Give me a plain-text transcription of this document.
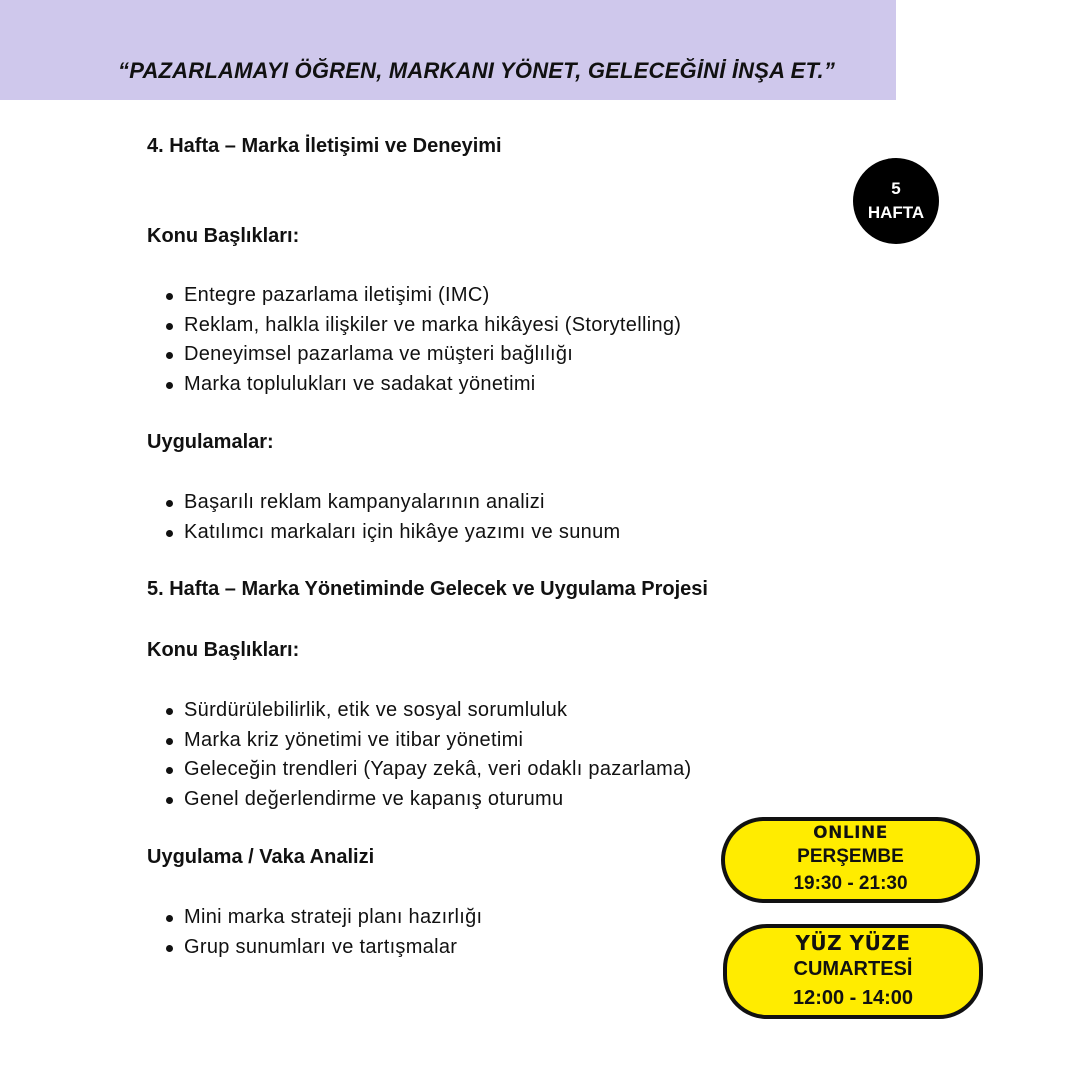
“PAZARLAMAYI ÖĞREN, MARKANI YÖNET, GELECEĞİNİ İNŞA ET.”
5
HAFTA
4. Hafta – Marka İletişimi ve Deneyimi
Konu Başlıkları:
Entegre pazarlama iletişimi (IMC)
Reklam, halkla ilişkiler ve marka hikâyesi (Storytelling)
Deneyimsel pazarlama ve müşteri bağlılığı
Marka toplulukları ve sadakat yönetimi
Uygulamalar:
Başarılı reklam kampanyalarının analizi
Katılımcı markaları için hikâye yazımı ve sunum
5. Hafta – Marka Yönetiminde Gelecek ve Uygulama Projesi
Konu Başlıkları:
Sürdürülebilirlik, etik ve sosyal sorumluluk
Marka kriz yönetimi ve itibar yönetimi
Geleceğin trendleri (Yapay zekâ, veri odaklı pazarlama)
Genel değerlendirme ve kapanış oturumu
Uygulama / Vaka Analizi
Mini marka strateji planı hazırlığı
Grup sunumları ve tartışmalar
ONLINE
PERŞEMBE
19:30 - 21:30
YÜZ YÜZE
CUMARTESİ
12:00 - 14:00
